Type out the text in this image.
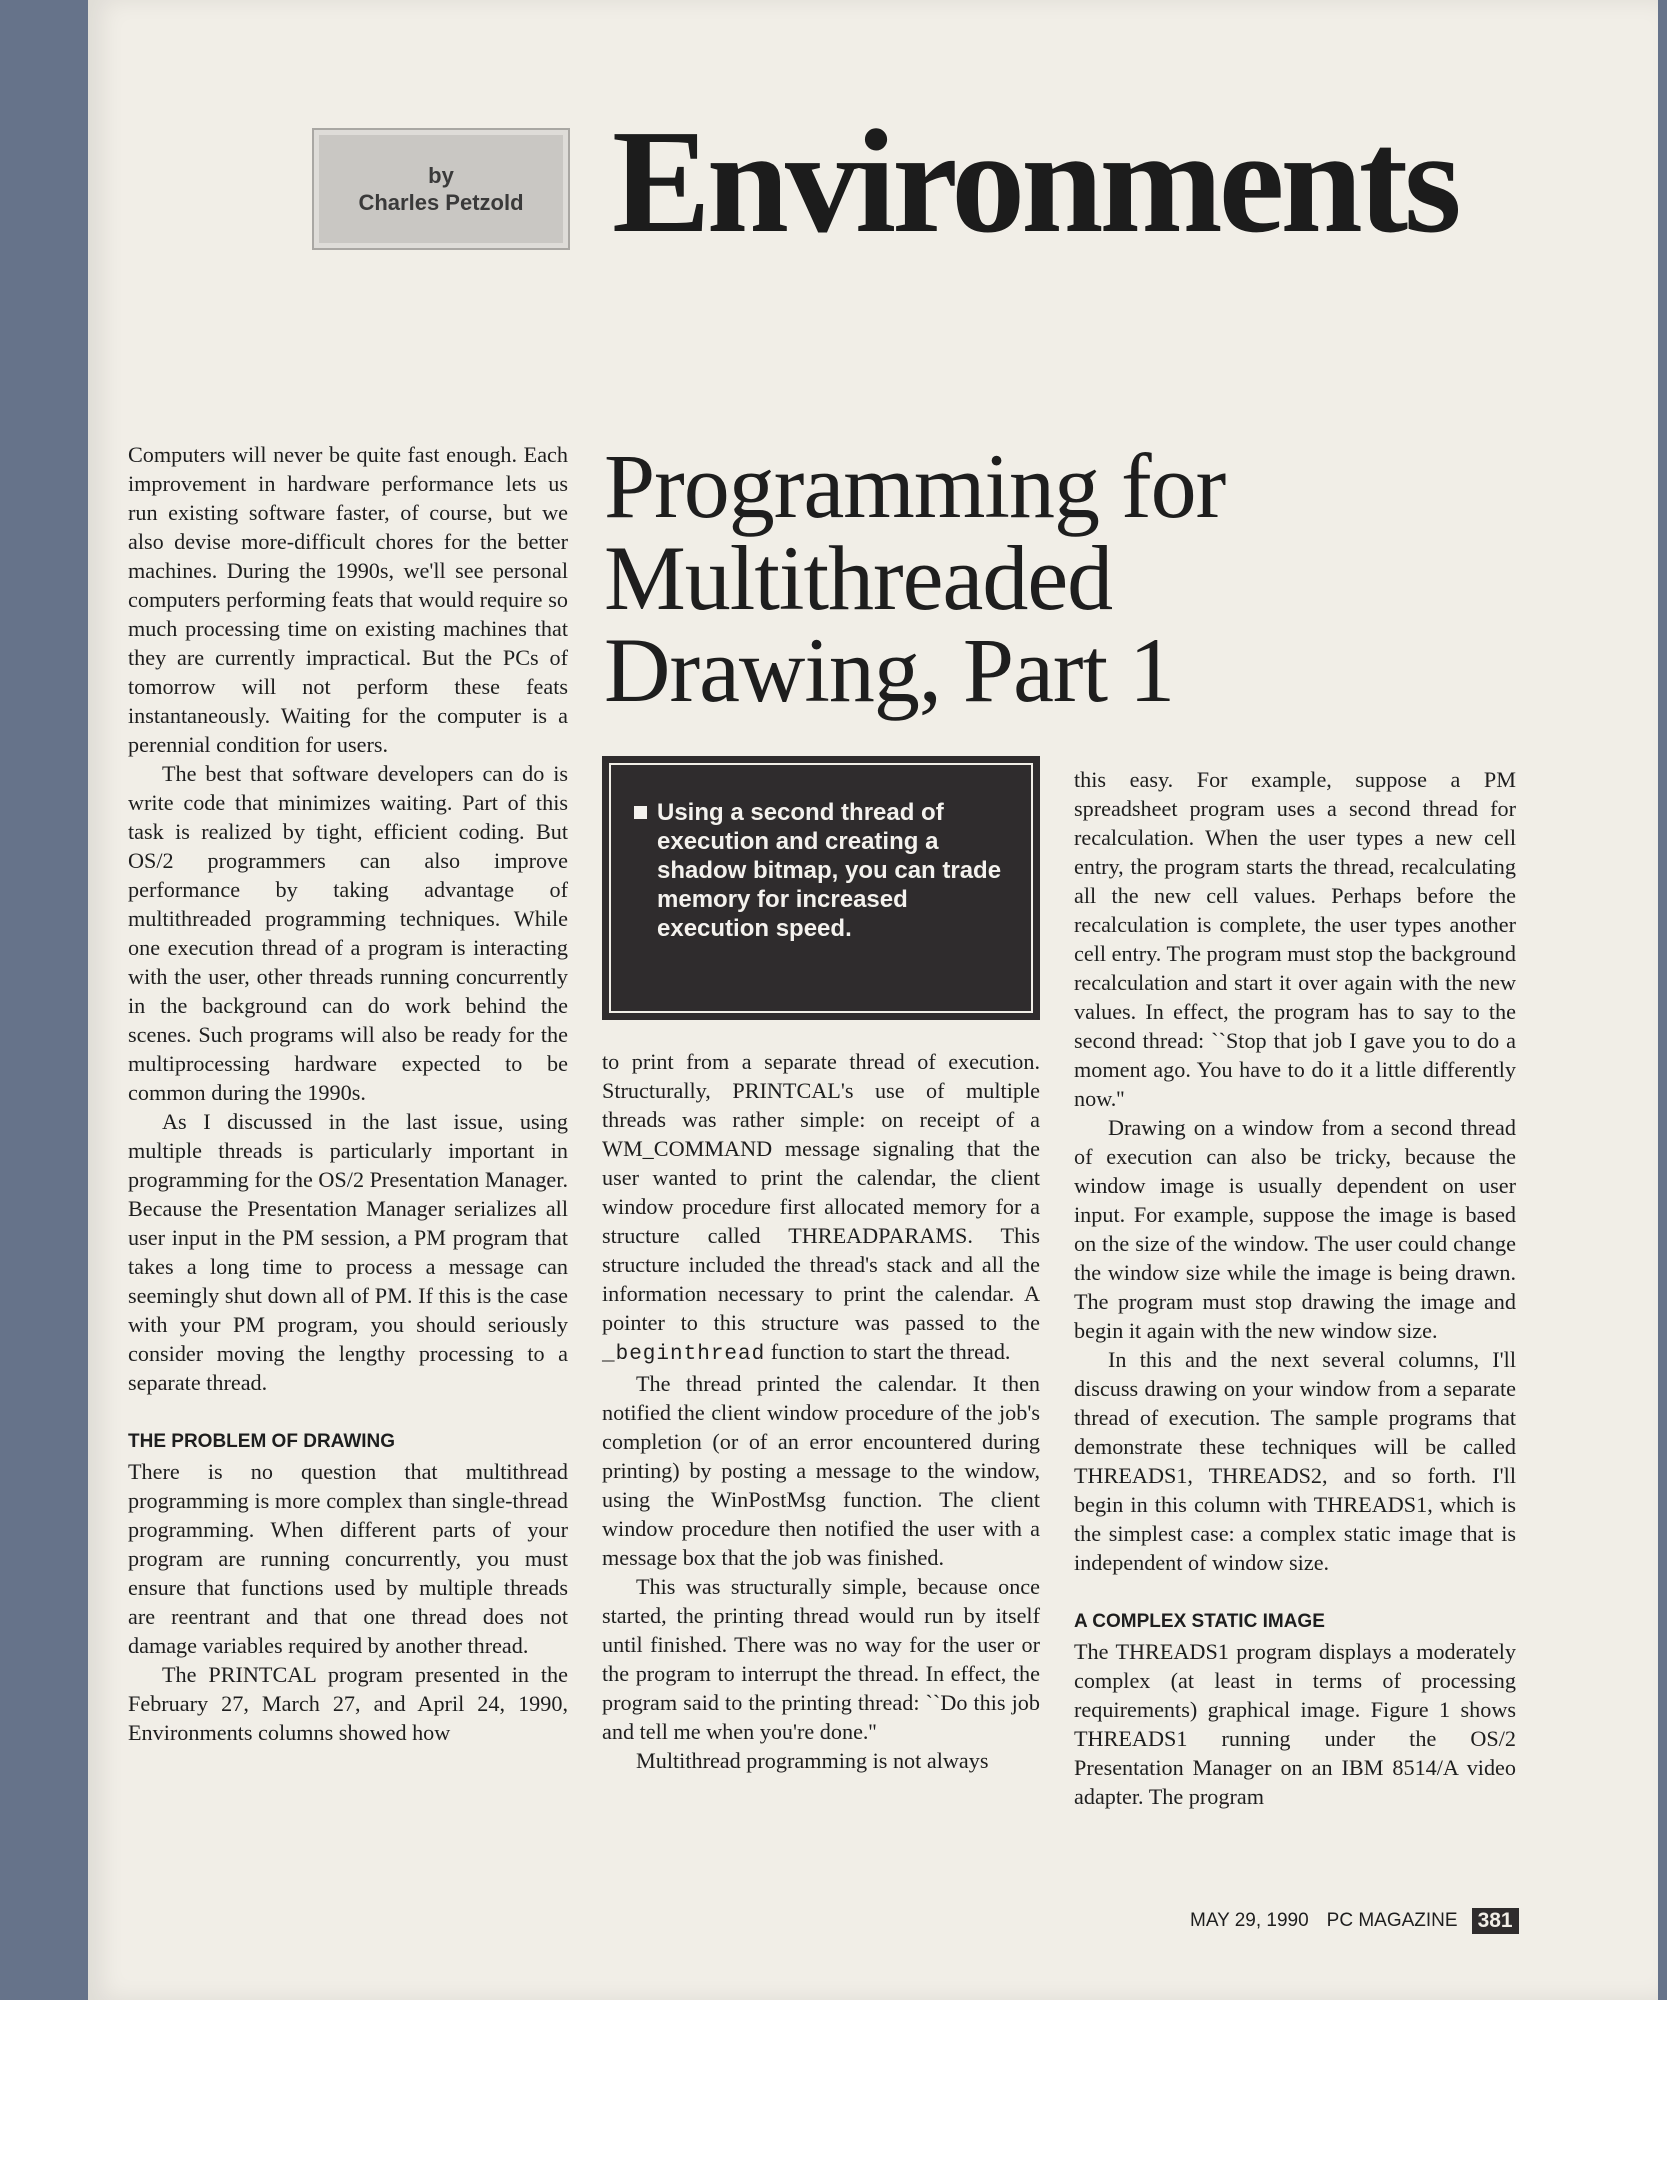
by
Charles Petzold Environments
Programming for
Multithreaded
Drawing, Part 1

Computers will never be quite fast enough. Each improvement in hardware performance lets us run existing software faster, of course, but we also devise more-difficult chores for the better machines. During the 1990s, we'll see personal computers performing feats that would require so much processing time on existing machines that they are currently impractical. But the PCs of tomorrow will not perform these feats instantaneously. Waiting for the computer is a perennial condition for users.

The best that software developers can do is write code that minimizes waiting. Part of this task is realized by tight, efficient coding. But OS/2 programmers can also improve performance by taking advantage of multithreaded programming techniques. While one execution thread of a program is interacting with the user, other threads running concurrently in the background can do work behind the scenes. Such programs will also be ready for the multiprocessing hardware expected to be common during the 1990s.

As I discussed in the last issue, using multiple threads is particularly important in programming for the OS/2 Presentation Manager. Because the Presentation Manager serializes all user input in the PM session, a PM program that takes a long time to process a message can seemingly shut down all of PM. If this is the case with your PM program, you should seriously consider moving the lengthy processing to a separate thread.

THE PROBLEM OF DRAWING

There is no question that multithread programming is more complex than single-thread programming. When different parts of your program are running concurrently, you must ensure that functions used by multiple threads are reentrant and that one thread does not damage variables required by another thread.

The PRINTCAL program presented in the February 27, March 27, and April 24, 1990, Environments columns showed how

Using a second thread of execution and creating a shadow bitmap, you can trade memory for increased execution speed.

to print from a separate thread of execution. Structurally, PRINTCAL's use of multiple threads was rather simple: on receipt of a WM_COMMAND message signaling that the user wanted to print the calendar, the client window procedure first allocated memory for a structure called THREADPARAMS. This structure included the thread's stack and all the information necessary to print the calendar. A pointer to this structure was passed to the _beginthread function to start the thread.

The thread printed the calendar. It then notified the client window procedure of the job's completion (or of an error encountered during printing) by posting a message to the window, using the WinPostMsg function. The client window procedure then notified the user with a message box that the job was finished.

This was structurally simple, because once started, the printing thread would run by itself until finished. There was no way for the user or the program to interrupt the thread. In effect, the program said to the printing thread: ``Do this job and tell me when you're done.''

Multithread programming is not always

this easy. For example, suppose a PM spreadsheet program uses a second thread for recalculation. When the user types a new cell entry, the program starts the thread, recalculating all the new cell values. Perhaps before the recalculation is complete, the user types another cell entry. The program must stop the background recalculation and start it over again with the new values. In effect, the program has to say to the second thread: ``Stop that job I gave you to do a moment ago. You have to do it a little differently now.''

Drawing on a window from a second thread of execution can also be tricky, because the window image is usually dependent on user input. For example, suppose the image is based on the size of the window. The user could change the window size while the image is being drawn. The program must stop drawing the image and begin it again with the new window size.

In this and the next several columns, I'll discuss drawing on your window from a separate thread of execution. The sample programs that demonstrate these techniques will be called THREADS1, THREADS2, and so forth. I'll begin in this column with THREADS1, which is the simplest case: a complex static image that is independent of window size.

A COMPLEX STATIC IMAGE

The THREADS1 program displays a moderately complex (at least in terms of processing requirements) graphical image. Figure 1 shows THREADS1 running under the OS/2 Presentation Manager on an IBM 8514/A video adapter. The program

MAY 29, 1990 PC MAGAZINE 381
